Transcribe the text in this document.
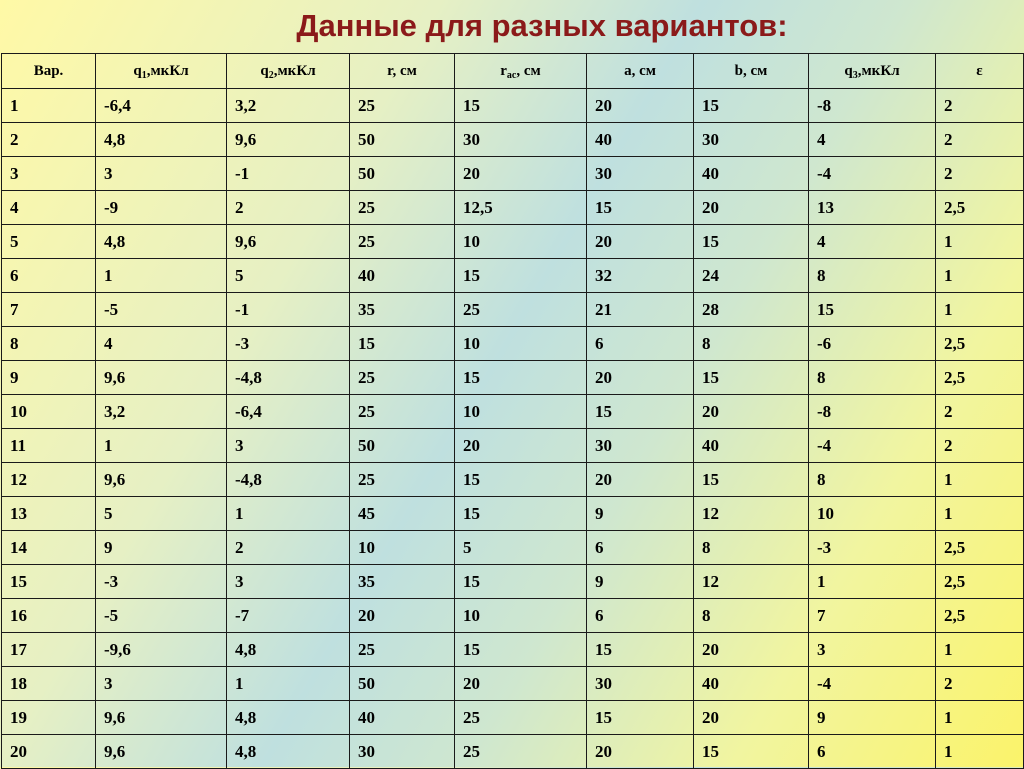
Данные для разных вариантов:
Вар.	$q_1,мкКл$	$q_2,мкКл$	r, см	$r_{ac}$, см	a, см	b, см	$q_3,мкКл$	ε
1	-6,4	3,2	25	15	20	15	-8	2
2	4,8	9,6	50	30	40	30	4	2
3	3	-1	50	20	30	40	-4	2
4	-9	2	25	12,5	15	20	13	2,5
5	4,8	9,6	25	10	20	15	4	1
6	1	5	40	15	32	24	8	1
7	-5	-1	35	25	21	28	15	1
8	4	-3	15	10	6	8	-6	2,5
9	9,6	-4,8	25	15	20	15	8	2,5
10	3,2	-6,4	25	10	15	20	-8	2
11	1	3	50	20	30	40	-4	2
12	9,6	-4,8	25	15	20	15	8	1
13	5	1	45	15	9	12	10	1
14	9	2	10	5	6	8	-3	2,5
15	-3	3	35	15	9	12	1	2,5
16	-5	-7	20	10	6	8	7	2,5
17	-9,6	4,8	25	15	15	20	3	1
18	3	1	50	20	30	40	-4	2
19	9,6	4,8	40	25	15	20	9	1
20	9,6	4,8	30	25	20	15	6	1
